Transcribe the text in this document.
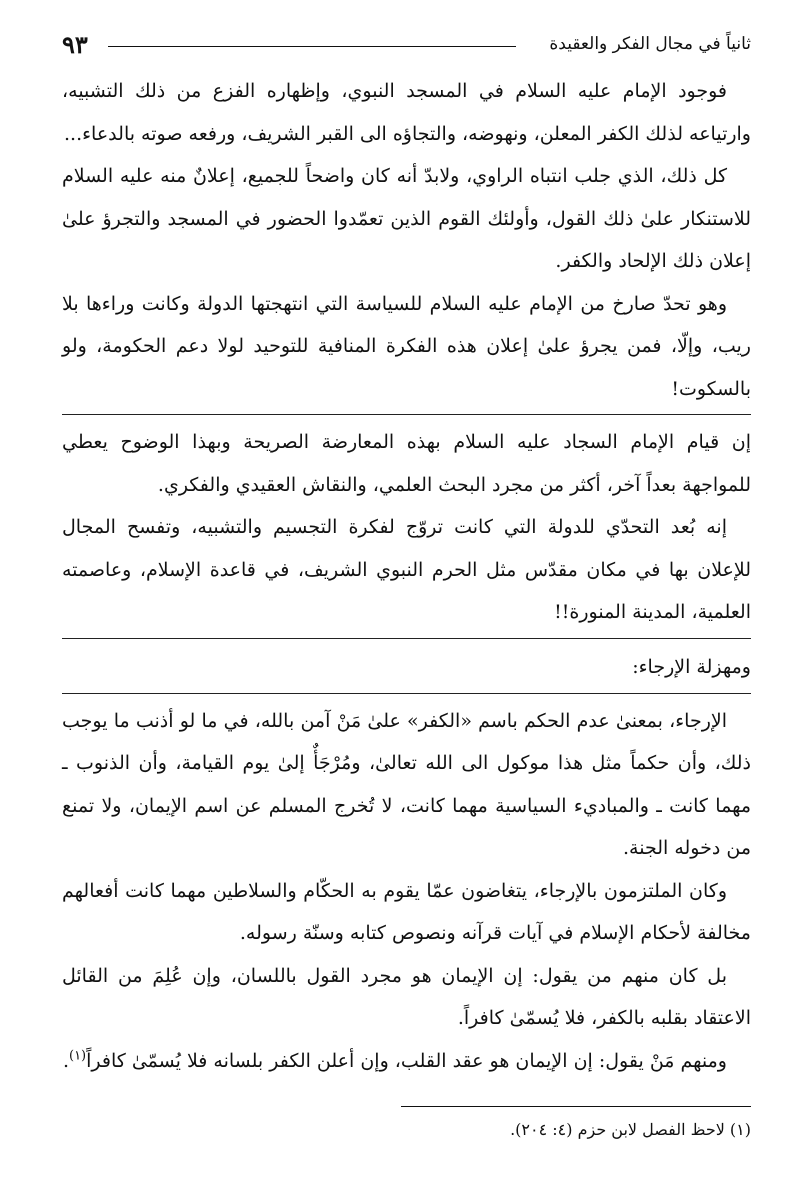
ثانياً في مجال الفكر والعقيدة
٩٣

فوجود الإمام عليه السلام في المسجد النبوي، وإظهاره الفزع من ذلك التشبيه، وارتياعه لذلك الكفر المعلن، ونهوضه، والتجاؤه الى القبر الشريف، ورفعه صوته بالدعاء...

كل ذلك، الذي جلب انتباه الراوي، ولابدّ أنه كان واضحاً للجميع، إعلانٌ منه عليه السلام للاستنكار علىٰ ذلك القول، وأولئك القوم الذين تعمّدوا الحضور في المسجد والتجرؤ علىٰ إعلان ذلك الإلحاد والكفر.

وهو تحدّ صارخ من الإمام عليه السلام للسياسة التي انتهجتها الدولة وكانت وراءها بلا ريب، وإلّا، فمن يجرؤ علىٰ إعلان هذه الفكرة المنافية للتوحيد لولا دعم الحكومة، ولو بالسكوت!

إن قيام الإمام السجاد عليه السلام بهذه المعارضة الصريحة وبهذا الوضوح يعطي للمواجهة بعداً آخر، أكثر من مجرد البحث العلمي، والنقاش العقيدي والفكري.

إنه بُعد التحدّي للدولة التي كانت تروّج لفكرة التجسيم والتشبيه، وتفسح المجال للإعلان بها في مكان مقدّس مثل الحرم النبوي الشريف، في قاعدة الإسلام، وعاصمته العلمية، المدينة المنورة!!

ومهزلة الإرجاء:

الإرجاء، بمعنىٰ عدم الحكم باسم «الكفر» علىٰ مَنْ آمن بالله، في ما لو أذنب ما يوجب ذلك، وأن حكماً مثل هذا موكول الى الله تعالىٰ، ومُرْجَأٌ إلىٰ يوم القيامة، وأن الذنوب ـ مهما كانت ـ والمباديء السياسية مهما كانت، لا تُخرج المسلم عن اسم الإيمان، ولا تمنع من دخوله الجنة.

وكان الملتزمون بالإرجاء، يتغاضون عمّا يقوم به الحكّام والسلاطين مهما كانت أفعالهم مخالفة لأحكام الإسلام في آيات قرآنه ونصوص كتابه وسنّة رسوله.

بل كان منهم من يقول: إن الإيمان هو مجرد القول باللسان، وإن عُلِمَ من القائل الاعتقاد بقلبه بالكفر، فلا يُسمّىٰ كافراً.

ومنهم مَنْ يقول: إن الإيمان هو عقد القلب، وإن أعلن الكفر بلسانه فلا يُسمّىٰ كافراً$^{(١)}$.

(١) لاحظ الفصل لابن حزم (٤: ٢٠٤).
